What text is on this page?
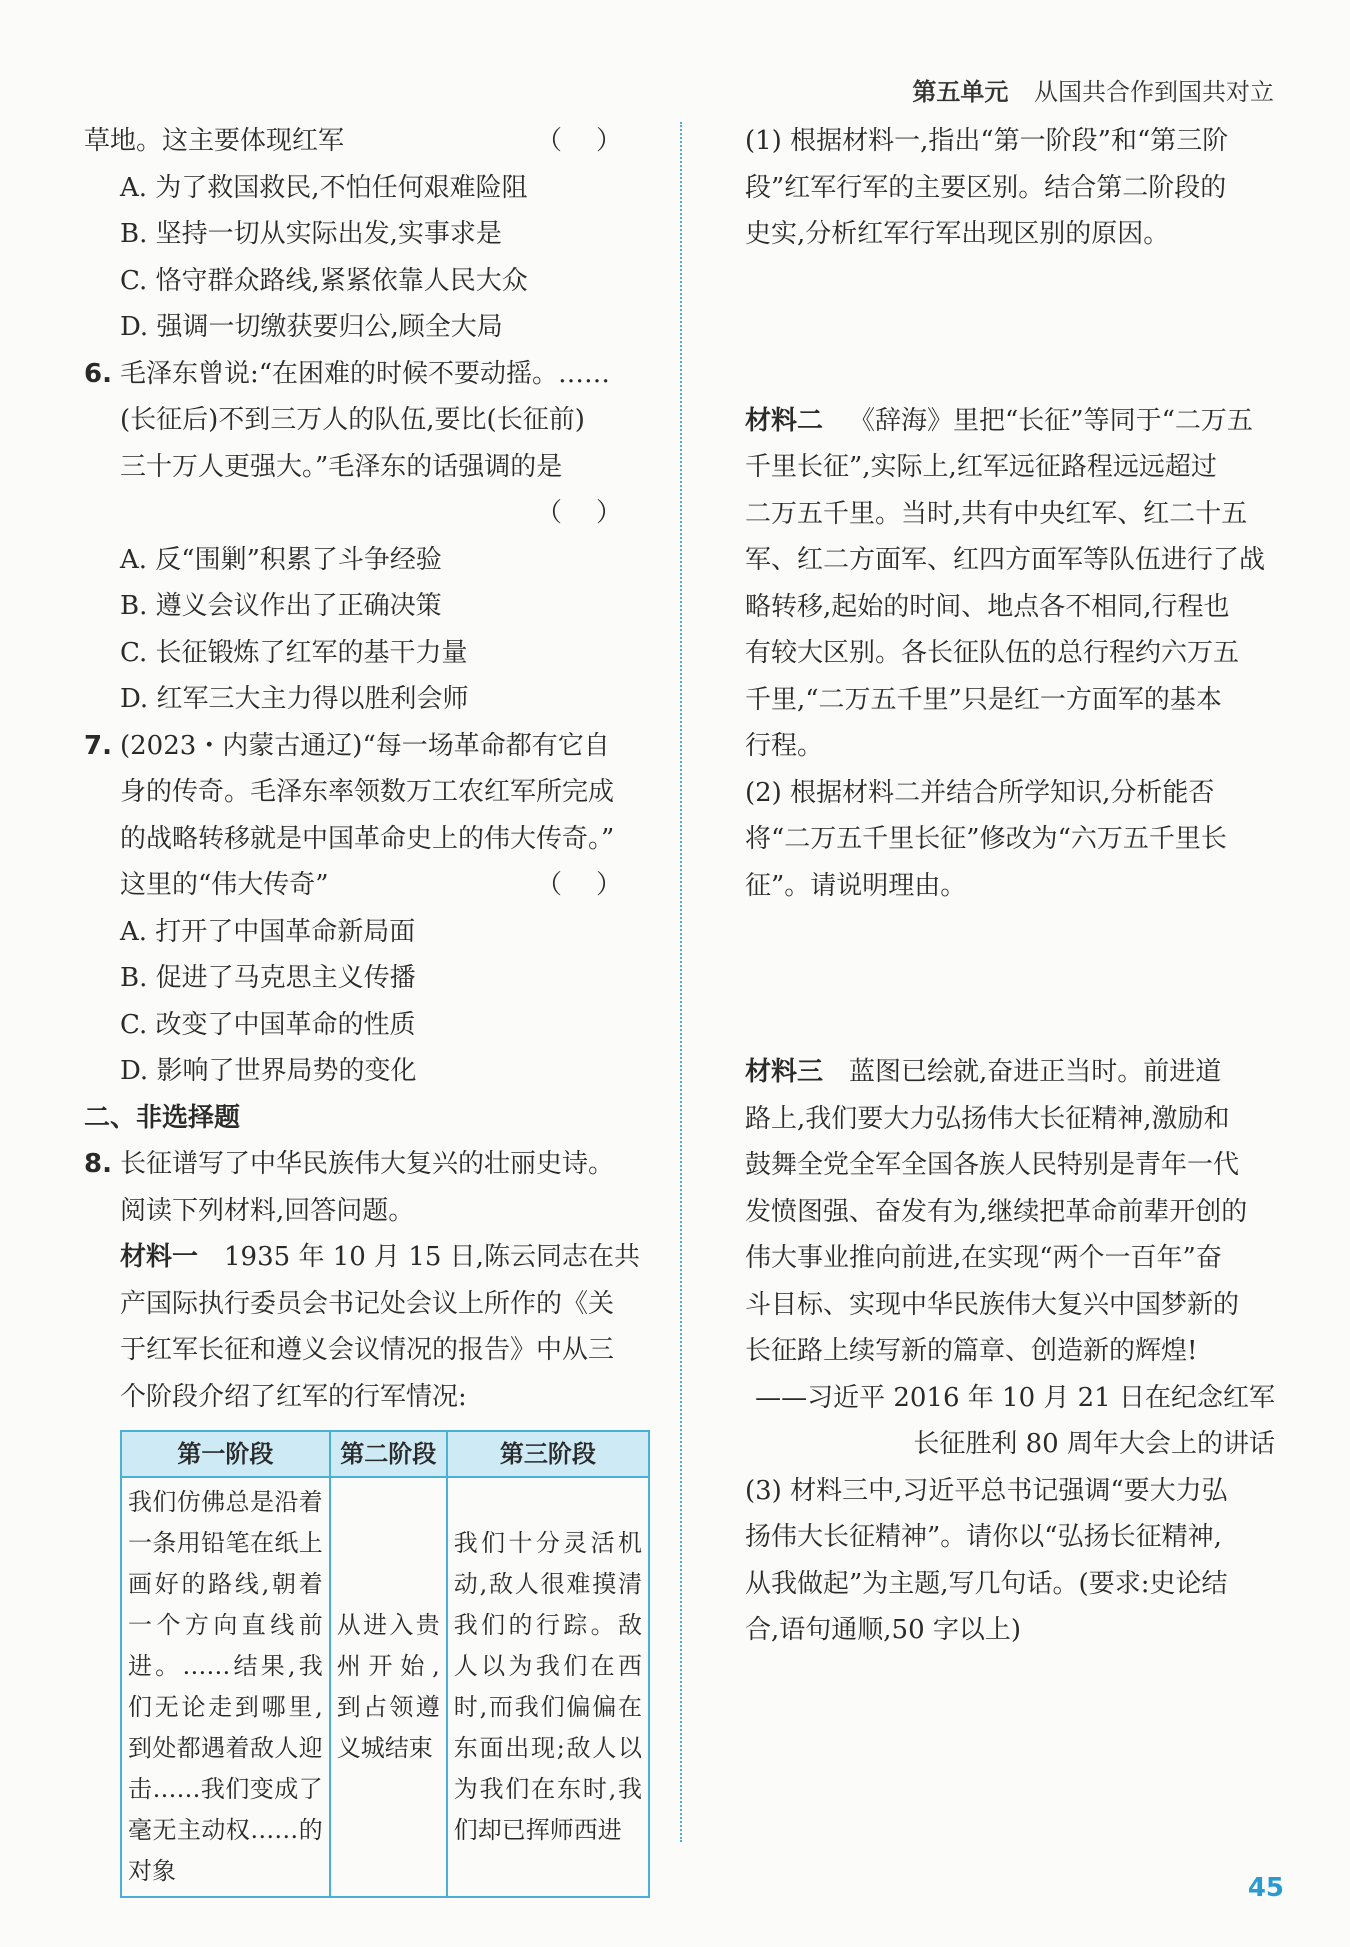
第五单元 从国共合作到国共对立
草地。这主要体现红军	（）
A. 为了救国救民,不怕任何艰难险阻
B. 坚持一切从实际出发,实事求是
C. 恪守群众路线,紧紧依靠人民大众
D. 强调一切缴获要归公,顾全大局
6. 毛泽东曾说:“在困难的时候不要动摇。……
(长征后)不到三万人的队伍,要比(长征前)
三十万人更强大。”毛泽东的话强调的是
（）
A. 反“围剿”积累了斗争经验
B. 遵义会议作出了正确决策
C. 长征锻炼了红军的基干力量
D. 红军三大主力得以胜利会师
7. (2023・内蒙古通辽)“每一场革命都有它自
身的传奇。毛泽东率领数万工农红军所完成
的战略转移就是中国革命史上的伟大传奇。”
这里的“伟大传奇”	（）
A. 打开了中国革命新局面
B. 促进了马克思主义传播
C. 改变了中国革命的性质
D. 影响了世界局势的变化
二、非选择题
8. 长征谱写了中华民族伟大复兴的壮丽史诗。
阅读下列材料,回答问题。
材料一 1935 年 10 月 15 日,陈云同志在共
产国际执行委员会书记处会议上所作的《关
于红军长征和遵义会议情况的报告》中从三
个阶段介绍了红军的行军情况:
第一阶段	第二阶段	第三阶段
我们仿佛总是沿着一条用铅笔在纸上画好的路线,朝着一个方向直线前进。……结果,我们无论走到哪里,到处都遇着敌人迎击……我们变成了毫无主动权……的对象	从进入贵州开始,到占领遵义城结束	我们十分灵活机动,敌人很难摸清我们的行踪。敌人以为我们在西时,而我们偏偏在东面出现;敌人以为我们在东时,我们却已挥师西进
(1) 根据材料一,指出“第一阶段”和“第三阶
段”红军行军的主要区别。结合第二阶段的
史实,分析红军行军出现区别的原因。
材料二 《辞海》里把“长征”等同于“二万五
千里长征”,实际上,红军远征路程远远超过
二万五千里。当时,共有中央红军、红二十五
军、红二方面军、红四方面军等队伍进行了战
略转移,起始的时间、地点各不相同,行程也
有较大区别。各长征队伍的总行程约六万五
千里,“二万五千里”只是红一方面军的基本
行程。
(2) 根据材料二并结合所学知识,分析能否
将“二万五千里长征”修改为“六万五千里长
征”。请说明理由。
材料三 蓝图已绘就,奋进正当时。前进道
路上,我们要大力弘扬伟大长征精神,激励和
鼓舞全党全军全国各族人民特别是青年一代
发愤图强、奋发有为,继续把革命前辈开创的
伟大事业推向前进,在实现“两个一百年”奋
斗目标、实现中华民族伟大复兴中国梦新的
长征路上续写新的篇章、创造新的辉煌!
——习近平 2016 年 10 月 21 日在纪念红军
长征胜利 80 周年大会上的讲话
(3) 材料三中,习近平总书记强调“要大力弘
扬伟大长征精神”。请你以“弘扬长征精神,
从我做起”为主题,写几句话。(要求:史论结
合,语句通顺,50 字以上)
45
